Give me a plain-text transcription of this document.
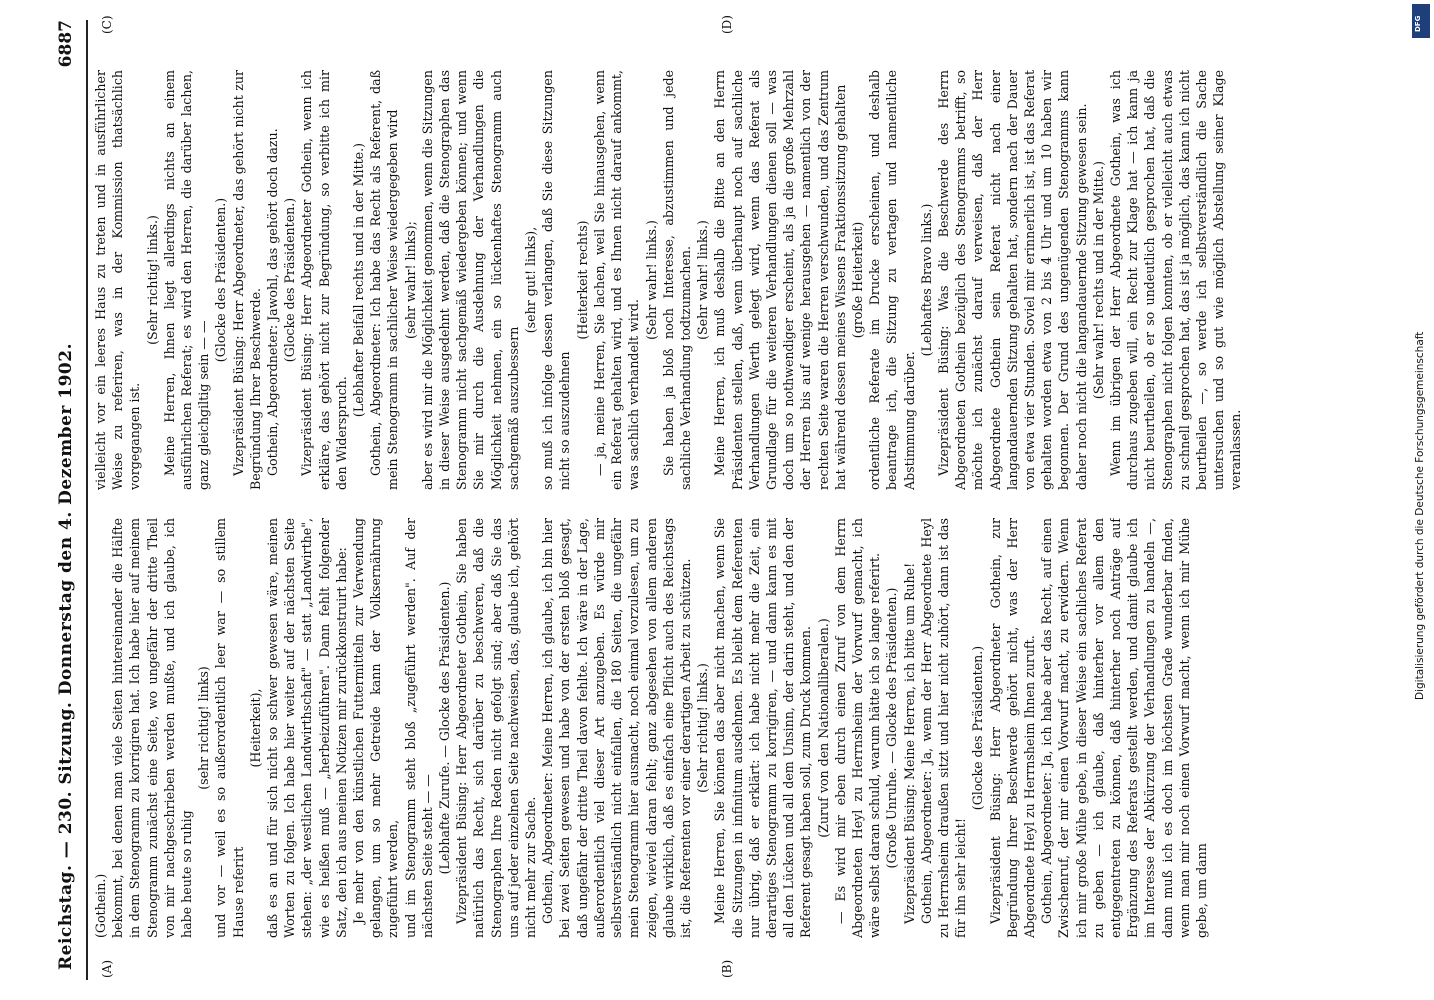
Reichstag. — 230. Sitzung. Donnerstag den 4. Dezember 1902.
6887
(A)	(B)
(C)	(D)

(Gothein.) bekommt, bei denen man viele Seiten hintereinander die Hälfte in dem Stenogramm zu korrigiren hat. Ich habe hier auf meinem Stenogramm zunächst eine Seite, wo ungefähr der dritte Theil von mir nachgeschrieben werden mußte, und ich glaube, ich habe heute so ruhig

(sehr richtig! links) und vor — weil es so außerordentlich leer war — so stillem Hause referirt

(Heiterkeit), daß es an und für sich nicht so schwer gewesen wäre, meinen Worten zu folgen. Ich habe hier weiter auf der nächsten Seite stehen: „der westlichen Landwirthschaft" — statt „Landwirthe", wie es heißen muß — „herbeizuführen". Dann fehlt folgender Satz, den ich aus meinen Notizen mir zurückkonstruirt habe: Je mehr von den künstlichen Futtermitteln zur Verwendung gelangen, um so mehr Getreide kann der Volksernährung zugeführt werden, und im Stenogramm steht bloß „zugeführt werden". Auf der nächsten Seite steht — — (Lebhafte Zurufe. — Glocke des Präsidenten.) Vizepräsident Büsing: Herr Abgeordneter Gothein, Sie haben natürlich das Recht, sich darüber zu beschweren, daß die Stenographen Ihre Reden nicht gefolgt sind; aber daß Sie das uns auf jeder einzelnen Seite nachweisen, das, glaube ich, gehört nicht mehr zur Sache. Gothein, Abgeordneter: Meine Herren, ich glaube, ich bin hier bei zwei Seiten gewesen und habe von der ersten bloß gesagt, daß ungefähr der dritte Theil davon fehlte. Ich wäre in der Lage, außerordentlich viel dieser Art anzugeben. Es würde mir selbstverständlich nicht einfallen, die 180 Seiten, die ungefähr mein Stenogramm hier ausmacht, noch einmal vorzulesen, um zu zeigen, wieviel daran fehlt; ganz abgesehen von allem anderen glaube wirklich, daß es einfach eine Pflicht auch des Reichstags ist, die Referenten vor einer derartigen Arbeit zu schützen. (Sehr richtig! links.) Meine Herren, Sie können das aber nicht machen, wenn Sie die Sitzungen in infinitum ausdehnen. Es bleibt dem Referenten nur übrig, daß er erklärt: ich habe nicht mehr die Zeit, ein derartiges Stenogramm zu korrigiren, — und dann kann es mit all den Lücken und all dem Unsinn, der darin steht, und den der Referent gesagt haben soll, zum Druck kommen. (Zuruf von den Nationalliberalen.) — Es wird mir eben durch einen Zuruf von dem Herrn Abgeordneten Heyl zu Herrnsheim der Vorwurf gemacht, ich wäre selbst daran schuld, warum hätte ich so lange referirt. (Große Unruhe. — Glocke des Präsidenten.) Vizepräsident Büsing: Meine Herren, ich bitte um Ruhe! Gothein, Abgeordneter: Ja, wenn der Herr Abgeordnete Heyl zu Herrnsheim draußen sitzt und hier nicht zuhört, dann ist das für ihn sehr leicht!

(Glocke des Präsidenten.) Vizepräsident Büsing: Herr Abgeordneter Gothein, zur Begründung Ihrer Beschwerde gehört nicht, was der Herr Abgeordnete Heyl zu Herrnsheim Ihnen zuruft. Gothein, Abgeordneter: Ja, ich habe aber das Recht, auf einen Zwischenruf, der mir einen Vorwurf macht, zu erwidern. Wenn ich mir große Mühe gebe, in dieser Weise ein sachliches Referat zu geben — ich glaube, daß hinterher vor allem den entgegentreten zu können, daß hinterher noch Anträge auf Ergänzung des Referats gestellt werden, und damit glaube ich im Interesse der Abkürzung der Verhandlungen zu handeln —, dann muß ich es doch im höchsten Grade wunderbar finden, wenn man mir noch einen Vorwurf macht, wenn ich mir Mühe gebe, um dann

vielleicht vor ein leeres Haus zu treten und in ausführlicher Weise zu referiren, was in der Kommission thatsächlich vorgegangen ist.

(Sehr richtig! links.) Meine Herren, Ihnen liegt allerdings nichts an einem ausführlichen Referat; es wird den Herren, die darüber lachen, ganz gleichgiltig sein — —

(Glocke des Präsidenten.) Vizepräsident Büsing: Herr Abgeordneter, das gehört nicht zur Begründung Ihrer Beschwerde. Gothein, Abgeordneter: Jawohl, das gehört doch dazu. (Glocke des Präsidenten.) Vizepräsident Büsing: Herr Abgeordneter Gothein, wenn ich erkläre, das gehört nicht zur Begründung, so verbitte ich mir den Widerspruch.

(Lebhafter Beifall rechts und in der Mitte.) Gothein, Abgeordneter: Ich habe das Recht als Referent, daß mein Stenogramm in sachlicher Weise wiedergegeben wird (sehr wahr! links); aber es wird mir die Möglichkeit genommen, wenn die Sitzungen in dieser Weise ausgedehnt werden, daß die Stenographen das Stenogramm nicht sachgemäß wiedergeben können; und wenn Sie mir durch die Ausdehnung der Verhandlungen die Möglichkeit nehmen, ein so lückenhaftes Stenogramm auch sachgemäß auszubessern

(sehr gut! links), so muß ich infolge dessen verlangen, daß Sie diese Sitzungen nicht so auszudehnen

(Heiterkeit rechts) — ja, meine Herren, Sie lachen, weil Sie hinausgehen, wenn ein Referat gehalten wird, und es Ihnen nicht darauf ankommt, was sachlich verhandelt wird.

(Sehr wahr! links.) Sie haben ja bloß noch Interesse, abzustimmen und jede sachliche Verhandlung todtzumachen. (Sehr wahr! links.) Meine Herren, ich muß deshalb die Bitte an den Herrn Präsidenten stellen, daß, wenn überhaupt noch auf sachliche Verhandlungen Werth gelegt wird, wenn das Referat als Grundlage für die weiteren Verhandlungen dienen soll — was doch um so nothwendiger erscheint, als ja die große Mehrzahl der Herren bis auf wenige herausgehen — namentlich von der rechten Seite waren die Herren verschwunden, und das Zentrum hat während dessen meines Wissens Fraktionssitzung gehalten (große Heiterkeit) ordentliche Referate im Drucke erscheinen, und deshalb beantrage ich, die Sitzung zu vertagen und namentliche Abstimmung darüber.

(Lebhaftes Bravo links.) Vizepräsident Büsing: Was die Beschwerde des Herrn Abgeordneten Gothein bezüglich des Stenogramms betrifft, so möchte ich zunächst darauf verweisen, daß der Herr Abgeordnete Gothein sein Referat nicht nach einer langandauernden Sitzung gehalten hat, sondern nach der Dauer von etwa vier Stunden. Soviel mir erinnerlich ist, ist das Referat gehalten worden etwa von 2 bis 4 Uhr und um 10 haben wir begonnen. Der Grund des ungenügenden Stenogramms kann daher noch nicht die langandauernde Sitzung gewesen sein. (Sehr wahr! rechts und in der Mitte.) Wenn im übrigen der Herr Abgeordnete Gothein, was ich durchaus zugeben will, ein Recht zur Klage hat — ich kann ja nicht beurtheilen, ob er so undeutlich gesprochen hat, daß die Stenographen nicht folgen konnten, ob er vielleicht auch etwas zu schnell gesprochen hat, das ist ja möglich, das kann ich nicht beurtheilen —, so werde ich selbstverständlich die Sache untersuchen und so gut wie möglich Abstellung seiner Klage veranlassen.

DFG
Digitalisierung gefördert durch die Deutsche Forschungsgemeinschaft
